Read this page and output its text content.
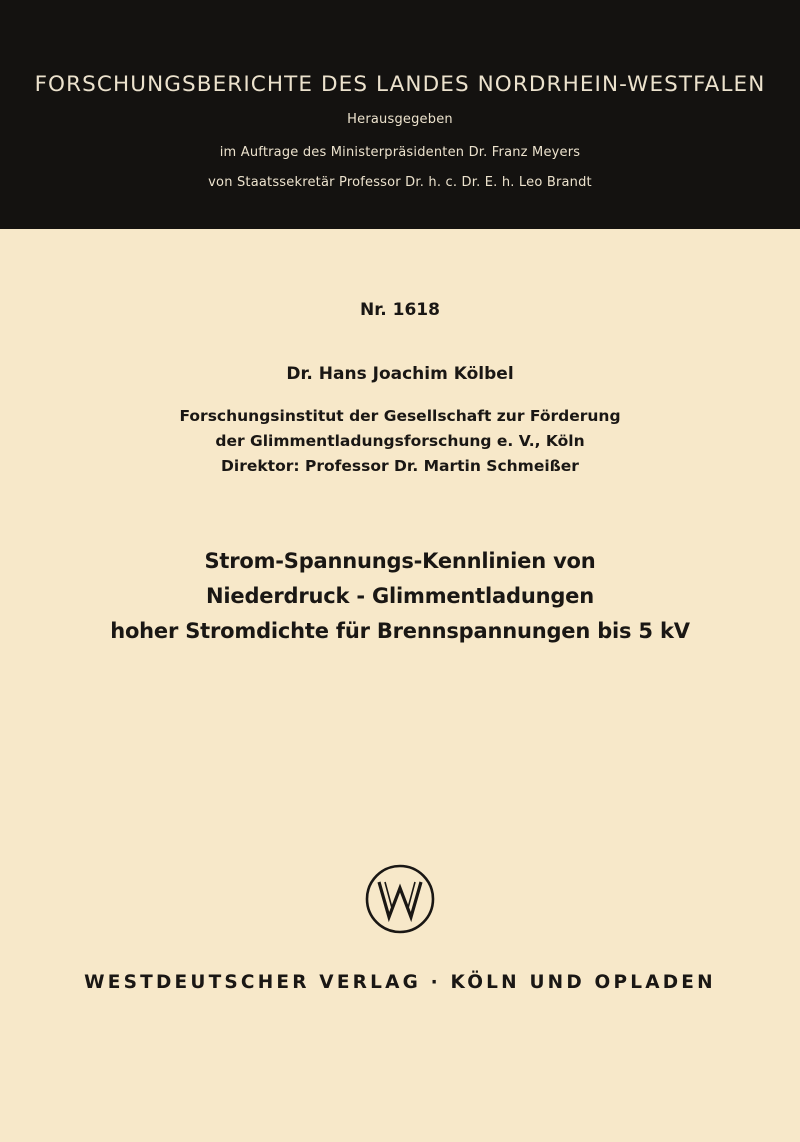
FORSCHUNGSBERICHTE DES LANDES NORDRHEIN-WESTFALEN
Herausgegeben
im Auftrage des Ministerpräsidenten Dr. Franz Meyers
von Staatssekretär Professor Dr. h. c. Dr. E. h. Leo Brandt
Nr. 1618
Dr. Hans Joachim Kölbel
Forschungsinstitut der Gesellschaft zur Förderung
der Glimmentladungsforschung e. V., Köln
Direktor: Professor Dr. Martin Schmeißer
Strom-Spannungs-Kennlinien von
Niederdruck - Glimmentladungen
hoher Stromdichte für Brennspannungen bis 5 kV
WESTDEUTSCHER VERLAG · KÖLN UND OPLADEN
